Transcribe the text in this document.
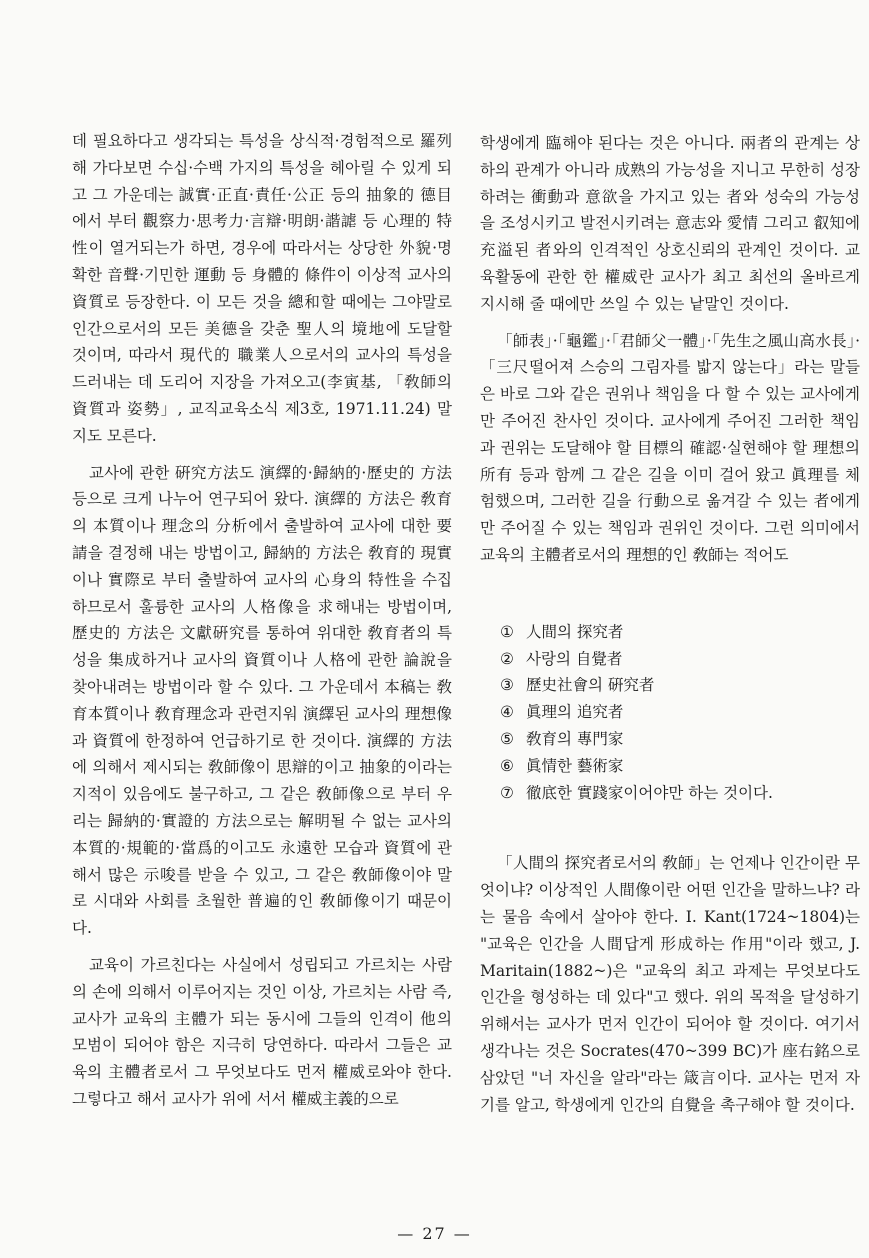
데 필요하다고 생각되는 특성을 상식적·경험적으로 羅列해 가다보면 수십·수백 가지의 특성을 헤아릴 수 있게 되고 그 가운데는 誠實·正直·責任·公正 등의 抽象的 德目에서 부터 觀察力·思考力·言辯·明朗·諧謔 등 心理的 特性이 열거되는가 하면, 경우에 따라서는 상당한 外貌·명확한 音聲·기민한 運動 등 身體的 條件이 이상적 교사의 資質로 등장한다. 이 모든 것을 總和할 때에는 그야말로 인간으로서의 모든 美德을 갖춘 聖人의 境地에 도달할 것이며, 따라서 現代的 職業人으로서의 교사의 특성을 드러내는 데 도리어 지장을 가져오고(李寅基, 「敎師의 資質과 姿勢」, 교직교육소식 제3호, 1971.11.24) 말지도 모른다.

교사에 관한 硏究方法도 演繹的·歸納的·歷史的 方法 등으로 크게 나누어 연구되어 왔다. 演繹的 方法은 敎育의 本質이나 理念의 分析에서 출발하여 교사에 대한 要請을 결정해 내는 방법이고, 歸納的 方法은 敎育的 現實이나 實際로 부터 출발하여 교사의 心身의 特性을 수집하므로서 훌륭한 교사의 人格像을 求해내는 방법이며, 歷史的 方法은 文獻硏究를 통하여 위대한 敎育者의 특성을 集成하거나 교사의 資質이나 人格에 관한 論說을 찾아내려는 방법이라 할 수 있다. 그 가운데서 本稿는 敎育本質이나 敎育理念과 관련지워 演繹된 교사의 理想像과 資質에 한정하여 언급하기로 한 것이다. 演繹的 方法에 의해서 제시되는 敎師像이 思辯的이고 抽象的이라는 지적이 있음에도 불구하고, 그 같은 敎師像으로 부터 우리는 歸納的·實證的 方法으로는 解明될 수 없는 교사의 本質的·規範的·當爲的이고도 永遠한 모습과 資質에 관해서 많은 示唆를 받을 수 있고, 그 같은 敎師像이야 말로 시대와 사회를 초월한 普遍的인 敎師像이기 때문이다.

교육이 가르친다는 사실에서 성립되고 가르치는 사람의 손에 의해서 이루어지는 것인 이상, 가르치는 사람 즉, 교사가 교육의 主體가 되는 동시에 그들의 인격이 他의 모범이 되어야 함은 지극히 당연하다. 따라서 그들은 교육의 主體者로서 그 무엇보다도 먼저 權威로와야 한다. 그렇다고 해서 교사가 위에 서서 權威主義的으로

학생에게 臨해야 된다는 것은 아니다. 兩者의 관계는 상하의 관계가 아니라 成熟의 가능성을 지니고 무한히 성장하려는 衝動과 意欲을 가지고 있는 者와 성숙의 가능성을 조성시키고 발전시키려는 意志와 愛情 그리고 叡知에 充溢된 者와의 인격적인 상호신뢰의 관계인 것이다. 교육활동에 관한 한 權威란 교사가 최고 최선의 올바르게 지시해 줄 때에만 쓰일 수 있는 낱말인 것이다.

「師表」·「龜鑑」·「君師父一體」·「先生之風山高水長」·「三尺떨어져 스승의 그림자를 밟지 않는다」라는 말들은 바로 그와 같은 권위나 책임을 다 할 수 있는 교사에게만 주어진 찬사인 것이다. 교사에게 주어진 그러한 책임과 권위는 도달해야 할 目標의 確認·실현해야 할 理想의 所有 등과 함께 그 같은 길을 이미 걸어 왔고 眞理를 체험했으며, 그러한 길을 行動으로 옮겨갈 수 있는 者에게 만 주어질 수 있는 책임과 권위인 것이다. 그런 의미에서 교육의 主體者로서의 理想的인 敎師는 적어도

① 人間의 探究者
② 사랑의 自覺者
③ 歷史社會의 硏究者
④ 眞理의 追究者
⑤ 敎育의 專門家
⑥ 眞情한 藝術家
⑦ 徹底한 實踐家이어야만 하는 것이다.

「人間의 探究者로서의 敎師」는 언제나 인간이란 무엇이냐? 이상적인 人間像이란 어떤 인간을 말하느냐? 라는 물음 속에서 살아야 한다. I. Kant(1724~1804)는 "교육은 인간을 人間답게 形成하는 作用"이라 했고, J. Maritain(1882~)은 "교육의 최고 과제는 무엇보다도 인간을 형성하는 데 있다"고 했다. 위의 목적을 달성하기 위해서는 교사가 먼저 인간이 되어야 할 것이다. 여기서 생각나는 것은 Socrates(470~399 BC)가 座右銘으로 삼았던 "너 자신을 알라"라는 箴言이다. 교사는 먼저 자기를 알고, 학생에게 인간의 自覺을 촉구해야 할 것이다.

— 27 —
